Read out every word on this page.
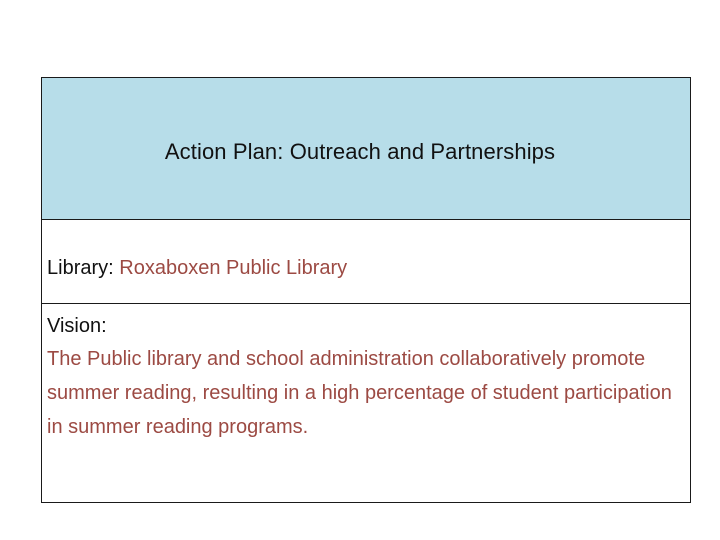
Action Plan: Outreach and Partnerships
Library: Roxaboxen Public Library
Vision:

The Public library and school administration collaboratively promote summer reading, resulting in a high percentage of student participation in summer reading programs.
